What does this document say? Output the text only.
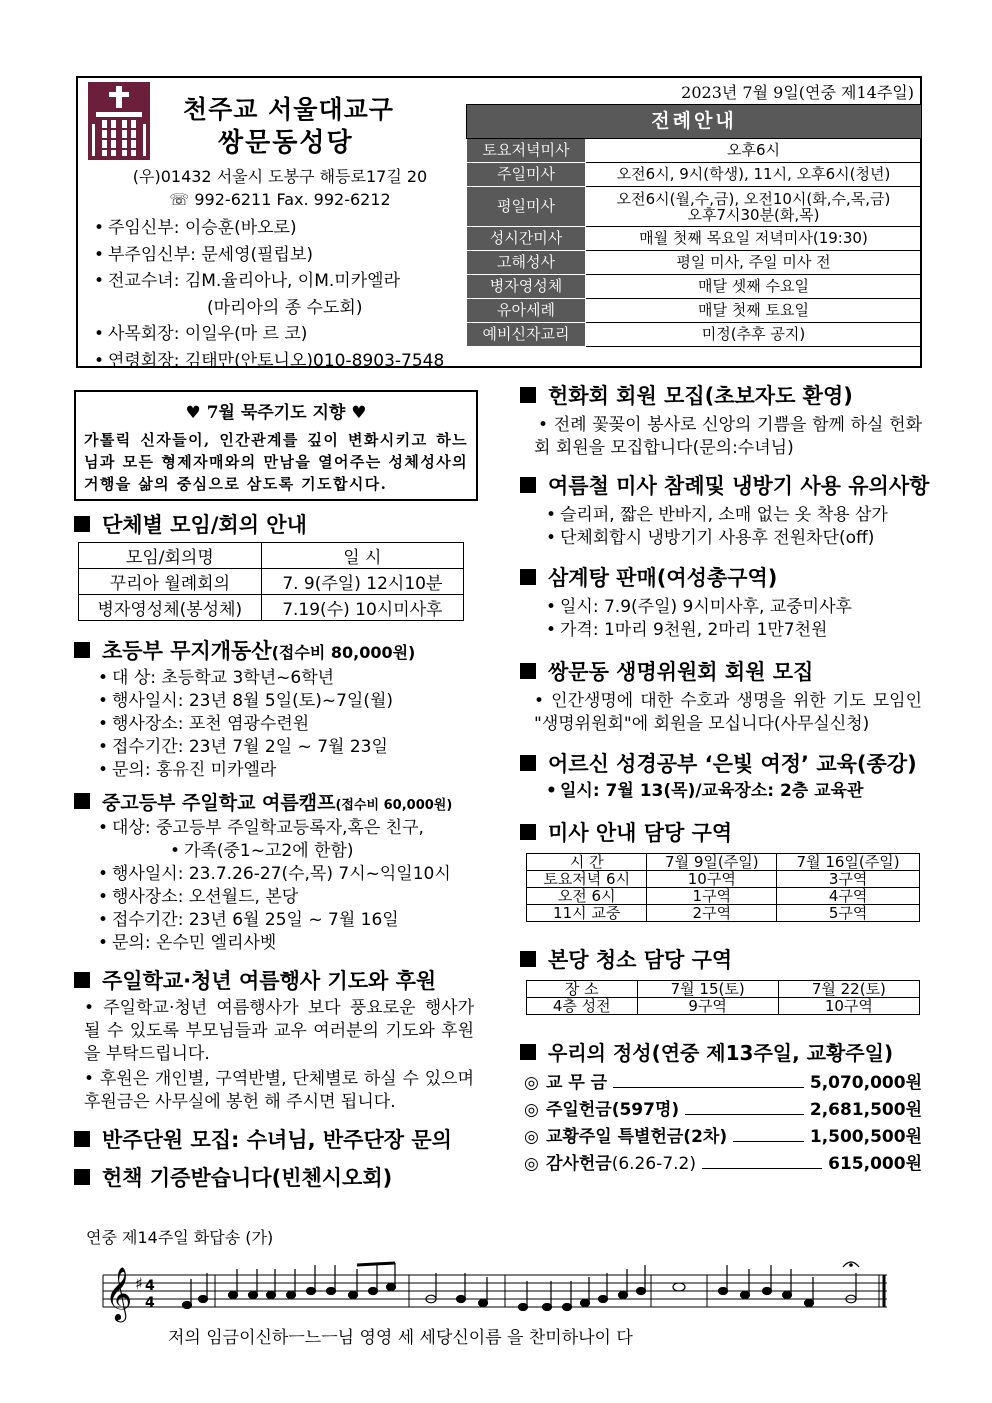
천주교 서울대교구
쌍문동성당
(우)01432 서울시 도봉구 해등로17길 20
☏ 992-6211 Fax. 992-6212
• 주임신부: 이승훈(바오로)
• 부주임신부: 문세영(필립보)
• 전교수녀: 김M.율리아나, 이M.미카엘라
(마리아의 종 수도회)
• 사목회장: 이일우(마 르 코)
• 연령회장: 김태만(안토니오)010-8903-7548
2023년 7월 9일(연중 제14주일)
전례안내	
토요저녁미사	오후6시
주일미사	오전6시, 9시(학생), 11시, 오후6시(청년)
평일미사	오전6시(월,수,금), 오전10시(화,수,목,금)
오후7시30분(화,목)
성시간미사	매월 첫째 목요일 저녁미사(19:30)
고해성사	평일 미사, 주일 미사 전
병자영성체	매달 셋째 수요일
유아세례	매달 첫째 토요일
예비신자교리	미정(추후 공지)
♥ 7월 묵주기도 지향 ♥
가톨릭 신자들이, 인간관계를 깊이 변화시키고 하느님과 모든 형제자매와의 만남을 열어주는 성체성사의 거행을 삶의 중심으로 삼도록 기도합시다.
단체별 모임/회의 안내
모임/회의명	일 시
꾸리아 월례회의	7. 9(주일) 12시10분
병자영성체(봉성체)	7.19(수) 10시미사후
초등부 무지개동산(접수비 80,000원)
• 대 상: 초등학교 3학년~6학년
• 행사일시: 23년 8월 5일(토)~7일(월)
• 행사장소: 포천 염광수련원
• 접수기간: 23년 7월 2일 ~ 7월 23일
• 문의: 홍유진 미카엘라
중고등부 주일학교 여름캠프(접수비 60,000원)
• 대상: 중고등부 주일학교등록자,혹은 친구,
• 가족(중1~고2에 한함)
• 행사일시: 23.7.26-27(수,목) 7시~익일10시
• 행사장소: 오션월드, 본당
• 접수기간: 23년 6월 25일 ~ 7월 16일
• 문의: 온수민 엘리사벳
주일학교·청년 여름행사 기도와 후원
• 주일학교·청년 여름행사가 보다 풍요로운 행사가 될 수 있도록 부모님들과 교우 여러분의 기도와 후원을 부탁드립니다.
• 후원은 개인별, 구역반별, 단체별로 하실 수 있으며 후원금은 사무실에 봉헌 해 주시면 됩니다.
반주단원 모집: 수녀님, 반주단장 문의
헌책 기증받습니다(빈첸시오회)
헌화회 회원 모집(초보자도 환영)
• 전례 꽃꽂이 봉사로 신앙의 기쁨을 함께 하실 헌화회 회원을 모집합니다(문의:수녀님)
여름철 미사 참례및 냉방기 사용 유의사항
• 슬리퍼, 짧은 반바지, 소매 없는 옷 착용 삼가
• 단체회합시 냉방기기 사용후 전원차단(off)
삼계탕 판매(여성총구역)
• 일시: 7.9(주일) 9시미사후, 교중미사후
• 가격: 1마리 9천원, 2마리 1만7천원
쌍문동 생명위원회 회원 모집
• 인간생명에 대한 수호과 생명을 위한 기도 모임인 "생명위원회"에 회원을 모십니다(사무실신청)
어르신 성경공부 ‘은빛 여정’ 교육(종강)
• 일시: 7월 13(목)/교육장소: 2층 교육관
미사 안내 담당 구역
시 간	7월 9일(주일)	7월 16일(주일)
토요저녁 6시	10구역	3구역
오전 6시	1구역	4구역
11시 교중	2구역	5구역
본당 청소 담당 구역
장 소	7월 15(토)	7월 22(토)
4층 성전	9구역	10구역
우리의 정성(연중 제13주일, 교황주일)
◎ 교 무 금	5,070,000원
◎ 주일헌금(597명)	2,681,500원
◎ 교황주일 특별헌금(2차)	1,500,500원
◎ 감사헌금 (6.26-7.2)	615,000원
연중 제14주일 화답송 (가)
𝄞 ♯ 4
4
저의 임금이신하ㅡ느ㅡ님 영영 세 세당신이름 을 찬미하나이 다
